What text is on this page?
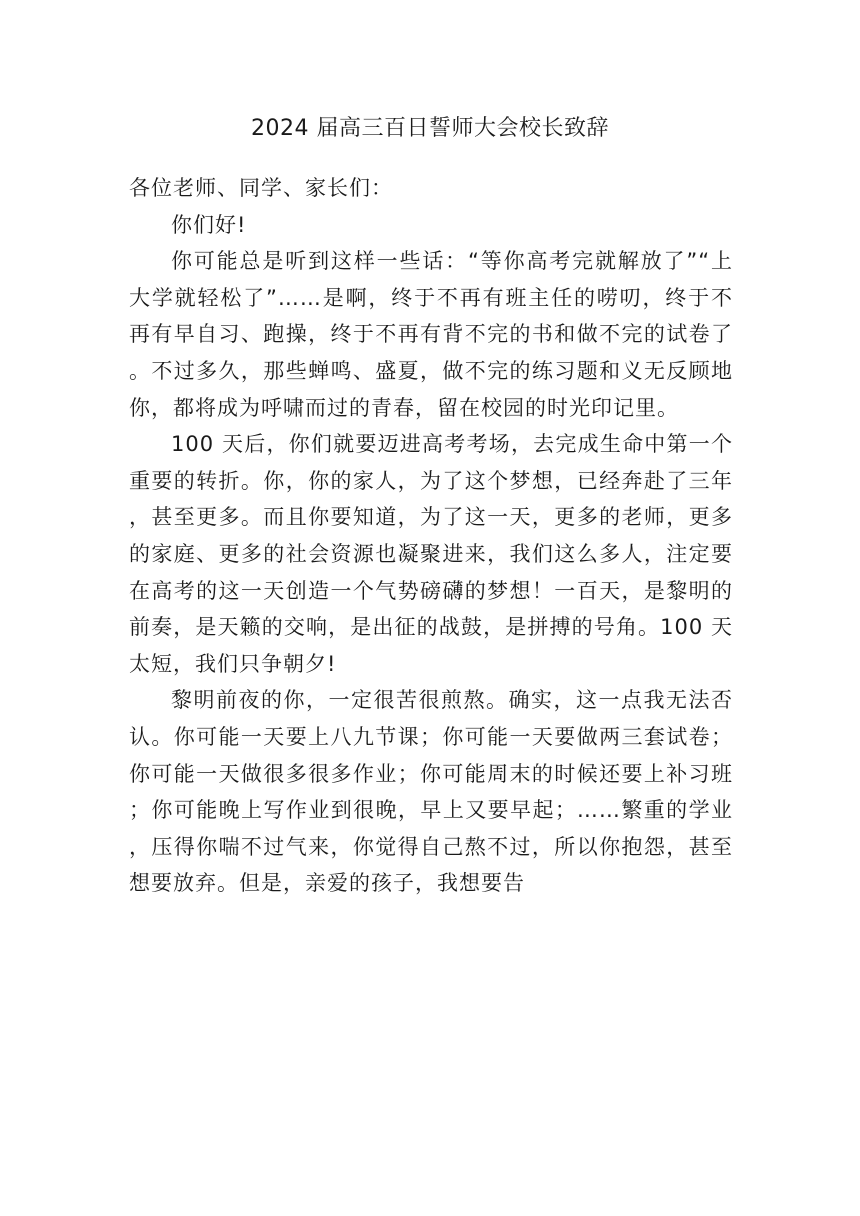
2024 届高三百日誓师大会校长致辞

各位老师、同学、家长们：

你们好!

你可能总是听到这样一些话：“等你高考完就解放了”“上大学就轻松了”……是啊，终于不再有班主任的唠叨，终于不再有早自习、跑操，终于不再有背不完的书和做不完的试卷了。不过多久，那些蝉鸣、盛夏，做不完的练习题和义无反顾地你，都将成为呼啸而过的青春，留在校园的时光印记里。

100 天后，你们就要迈进高考考场，去完成生命中第一个重要的转折。你，你的家人，为了这个梦想，已经奔赴了三年，甚至更多。而且你要知道，为了这一天，更多的老师，更多的家庭、更多的社会资源也凝聚进来，我们这么多人，注定要在高考的这一天创造一个气势磅礴的梦想！一百天，是黎明的前奏，是天籁的交响，是出征的战鼓，是拼搏的号角。100 天太短，我们只争朝夕!

黎明前夜的你，一定很苦很煎熬。确实，这一点我无法否认。你可能一天要上八九节课；你可能一天要做两三套试卷；你可能一天做很多很多作业；你可能周末的时候还要上补习班；你可能晚上写作业到很晚，早上又要早起；……繁重的学业，压得你喘不过气来，你觉得自己熬不过，所以你抱怨，甚至想要放弃。但是，亲爱的孩子，我想要告
